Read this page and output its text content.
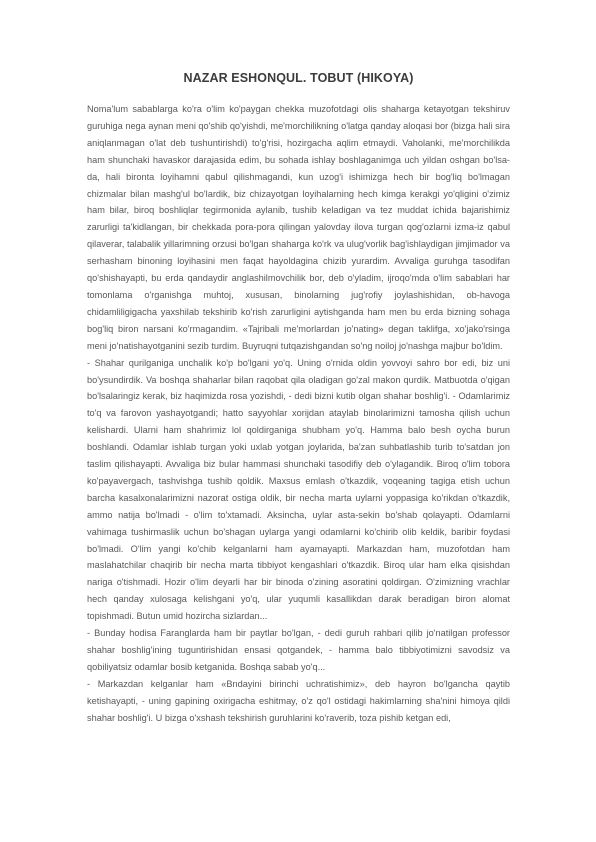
NAZAR ESHONQUL. TOBUT (HIKOYA)

Noma'lum sabablarga ko'ra o'lim ko'paygan chekka muzofotdagi olis shaharga ketayotgan tekshiruv guruhiga nega aynan meni qo'shib qo'yishdi, me'morchilikning o'latga qanday aloqasi bor (bizga hali sira aniqlanmagan o'lat deb tushuntirishdi) to'g'risi, hozirgacha aqlim etmaydi. Vaholanki, me'morchilikda ham shunchaki havaskor darajasida edim, bu sohada ishlay boshlaganimga uch yildan oshgan bo'lsa-da, hali bironta loyihamni qabul qilishmagandi, kun uzog'i ishimizga hech bir bog'liq bo'lmagan chizmalar bilan mashg'ul bo'lardik, biz chizayotgan loyihalarning hech kimga kerakgi yo'qligini o'zimiz ham bilar, biroq boshliqlar tegirmonida aylanib, tushib keladigan va tez muddat ichida bajarishimiz zarurligi ta'kidlangan, bir chekkada pora-pora qilingan yalovday ilova turgan qog'ozlarni izma-iz qabul qilaverar, talabalik yillarimning orzusi bo'lgan shaharga ko'rk va ulug'vorlik bag'ishlaydigan jimjimador va serhasham binoning loyihasini men faqat hayoldagina chizib yurardim. Avvaliga guruhga tasodifan qo'shishayapti, bu erda qandaydir anglashilmovchilik bor, deb o'yladim, ijroqo'mda o'lim sabablari har tomonlama o'rganishga muhtoj, xususan, binolarning jug'rofiy joylashishidan, ob-havoga chidamliligigacha yaxshilab tekshirib ko'rish zarurligini aytishganda ham men bu erda bizning sohaga bog'liq biron narsani ko'rmagandim. «Tajribali me'morlardan jo'nating» degan taklifga, xo'jako'rsinga meni jo'natishayotganini sezib turdim. Buyruqni tutqazishgandan so'ng noiloj jo'nashga majbur bo'ldim.

- Shahar qurilganiga unchalik ko'p bo'lgani yo'q. Uning o'rnida oldin yovvoyi sahro bor edi, biz uni bo'ysundirdik. Va boshqa shaharlar bilan raqobat qila oladigan go'zal makon qurdik. Matbuotda o'qigan bo'lsalaringiz kerak, biz haqimizda rosa yozishdi, - dedi bizni kutib olgan shahar boshlig'i. - Odamlarimiz to'q va farovon yashayotgandi; hatto sayyohlar xorijdan ataylab binolarimizni tamosha qilish uchun kelishardi. Ularni ham shahrimiz lol qoldirganiga shubham yo'q. Hamma balo besh oycha burun boshlandi. Odamlar ishlab turgan yoki uxlab yotgan joylarida, ba'zan suhbatlashib turib to'satdan jon taslim qilishayapti. Avvaliga biz bular hammasi shunchaki tasodifiy deb o'ylagandik. Biroq o'lim tobora ko'payavergach, tashvishga tushib qoldik. Maxsus emlash o'tkazdik, voqeaning tagiga etish uchun barcha kasalxonalarimizni nazorat ostiga oldik, bir necha marta uylarni yoppasiga ko'rikdan o'tkazdik, ammo natija bo'lmadi - o'lim to'xtamadi. Aksincha, uylar asta-sekin bo'shab qolayapti. Odamlarni vahimaga tushirmaslik uchun bo'shagan uylarga yangi odamlarni ko'chirib olib keldik, baribir foydasi bo'lmadi. O'lim yangi ko'chib kelganlarni ham ayamayapti. Markazdan ham, muzofotdan ham maslahatchilar chaqirib bir necha marta tibbiyot kengashlari o'tkazdik. Biroq ular ham elka qisishdan nariga o'tishmadi. Hozir o'lim deyarli har bir binoda o'zining asoratini qoldirgan. O'zimizning vrachlar hech qanday xulosaga kelishgani yo'q, ular yuqumli kasallikdan darak beradigan biron alomat topishmadi. Butun umid hozircha sizlardan...

- Bunday hodisa Faranglarda ham bir paytlar bo'lgan, - dedi guruh rahbari qilib jo'natilgan professor shahar boshlig'ining tuguntirishidan ensasi qotgandek, - hamma balo tibbiyotimizni savodsiz va qobiliyatsiz odamlar bosib ketganida. Boshqa sabab yo'q...

- Markazdan kelganlar ham «Bndayini birinchi uchratishimiz», deb hayron bo'lgancha qaytib ketishayapti, - uning gapining oxirigacha eshitmay, o'z qo'l ostidagi hakimlarning sha'nini himoya qildi shahar boshlig'i. U bizga o'xshash tekshirish guruhlarini ko'raverib, toza pishib ketgan edi,
